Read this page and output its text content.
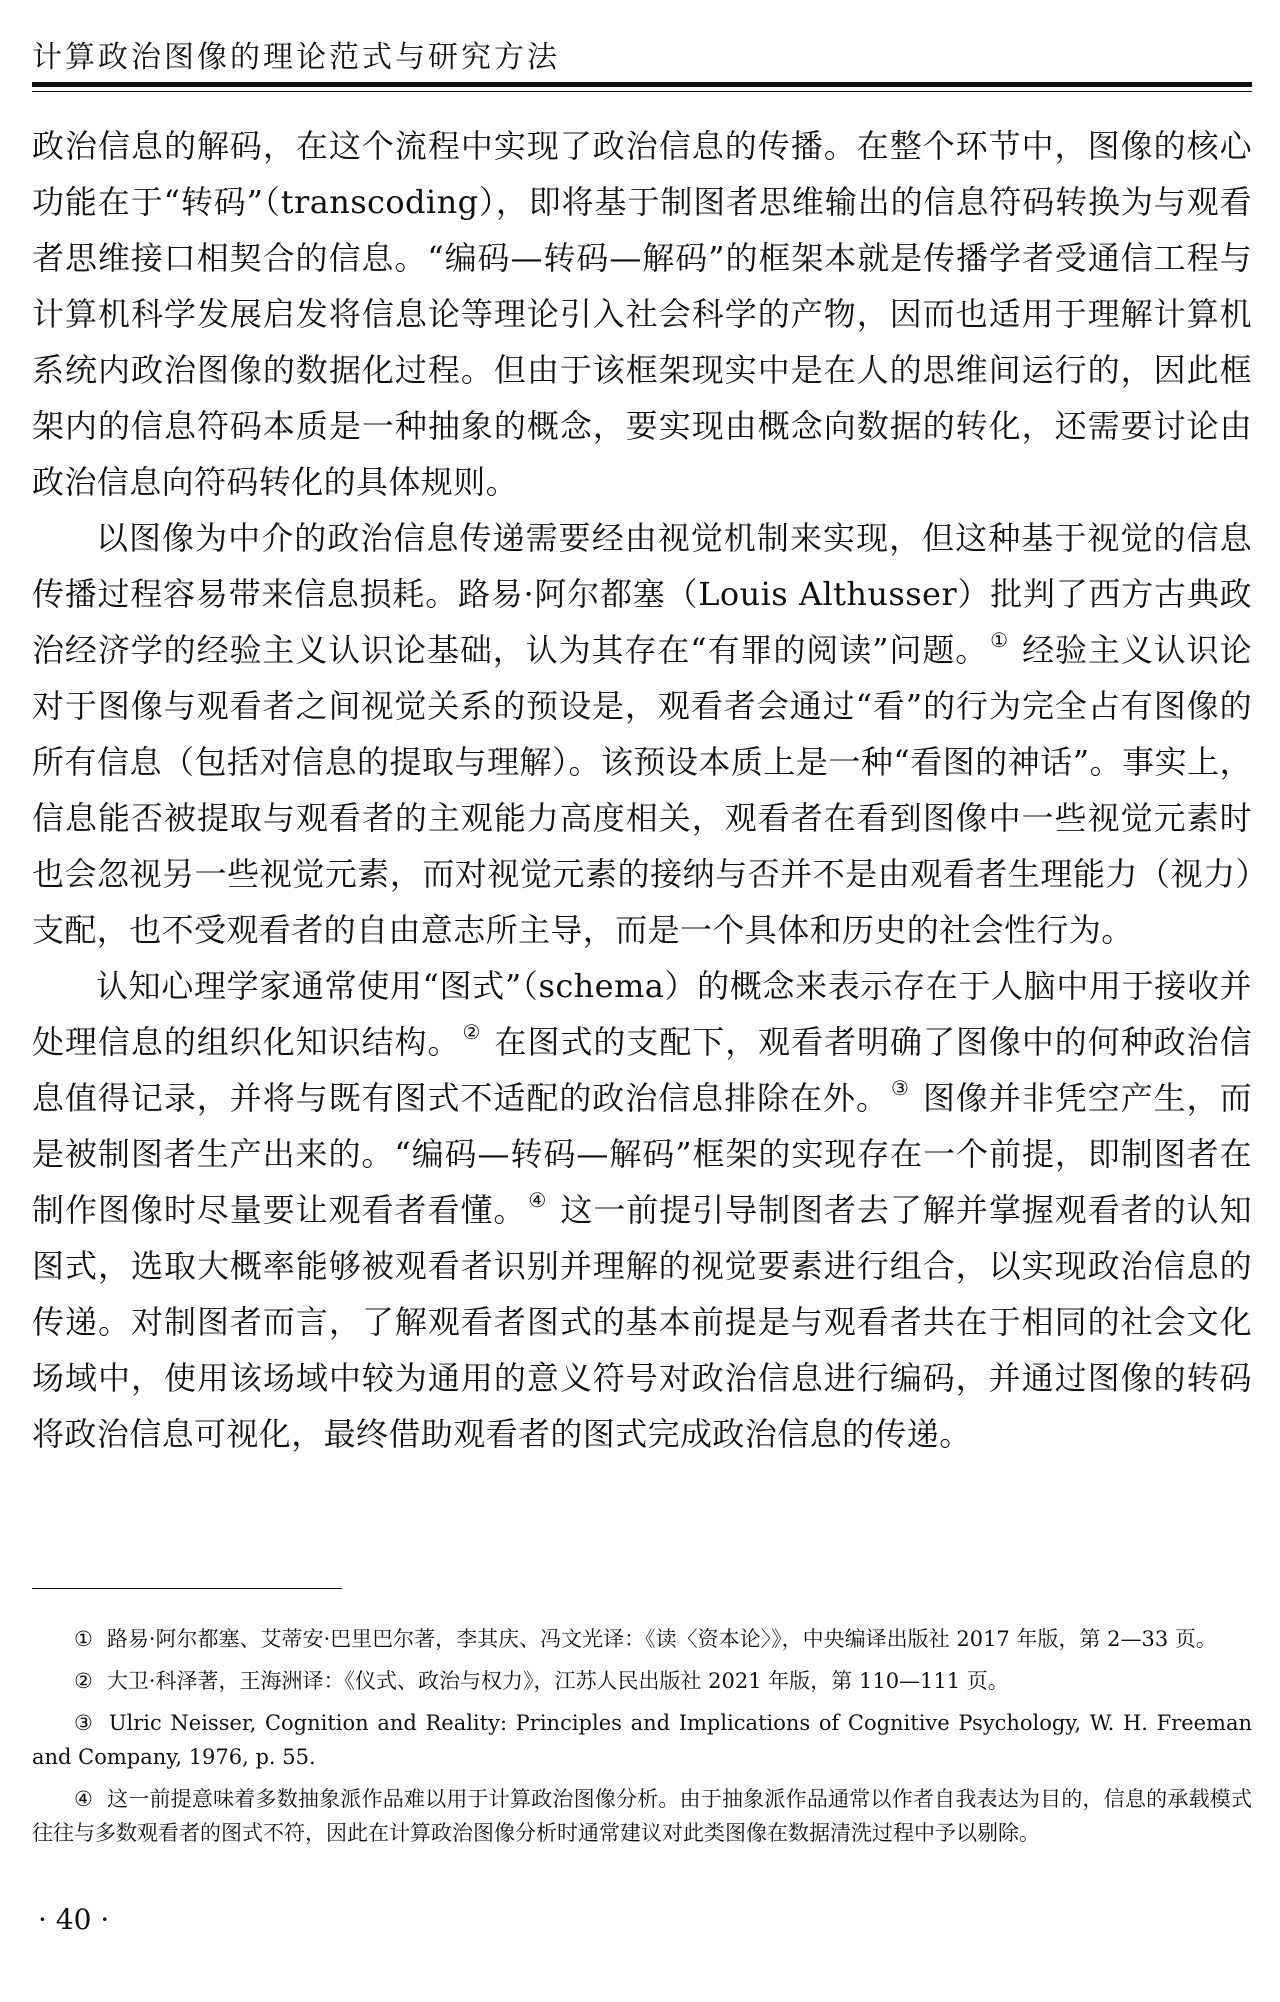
计算政治图像的理论范式与研究方法

政治信息的解码，在这个流程中实现了政治信息的传播。在整个环节中，图像的核心功能在于“转码”（transcoding），即将基于制图者思维输出的信息符码转换为与观看者思维接口相契合的信息。“编码—转码—解码”的框架本就是传播学者受通信工程与计算机科学发展启发将信息论等理论引入社会科学的产物，因而也适用于理解计算机系统内政治图像的数据化过程。但由于该框架现实中是在人的思维间运行的，因此框架内的信息符码本质是一种抽象的概念，要实现由概念向数据的转化，还需要讨论由政治信息向符码转化的具体规则。

以图像为中介的政治信息传递需要经由视觉机制来实现，但这种基于视觉的信息传播过程容易带来信息损耗。路易·阿尔都塞（Louis Althusser）批判了西方古典政治经济学的经验主义认识论基础，认为其存在“有罪的阅读”问题。 ① 经验主义认识论对于图像与观看者之间视觉关系的预设是，观看者会通过“看”的行为完全占有图像的所有信息（包括对信息的提取与理解）。该预设本质上是一种“看图的神话”。事实上，信息能否被提取与观看者的主观能力高度相关，观看者在看到图像中一些视觉元素时也会忽视另一些视觉元素，而对视觉元素的接纳与否并不是由观看者生理能力（视力）支配，也不受观看者的自由意志所主导，而是一个具体和历史的社会性行为。

认知心理学家通常使用“图式”（schema）的概念来表示存在于人脑中用于接收并处理信息的组织化知识结构。 ② 在图式的支配下，观看者明确了图像中的何种政治信息值得记录，并将与既有图式不适配的政治信息排除在外。 ③ 图像并非凭空产生，而是被制图者生产出来的。“编码—转码—解码”框架的实现存在一个前提，即制图者在制作图像时尽量要让观看者看懂。 ④ 这一前提引导制图者去了解并掌握观看者的认知图式，选取大概率能够被观看者识别并理解的视觉要素进行组合，以实现政治信息的传递。对制图者而言，了解观看者图式的基本前提是与观看者共在于相同的社会文化场域中，使用该场域中较为通用的意义符号对政治信息进行编码，并通过图像的转码将政治信息可视化，最终借助观看者的图式完成政治信息的传递。

① 路易·阿尔都塞、艾蒂安·巴里巴尔著，李其庆、冯文光译：《读〈资本论〉》，中央编译出版社 2017 年版，第 2—33 页。
② 大卫·科泽著，王海洲译：《仪式、政治与权力》，江苏人民出版社 2021 年版，第 110—111 页。
③ Ulric Neisser, Cognition and Reality: Principles and Implications of Cognitive Psychology, W. H. Freeman and Company, 1976, p. 55.
④ 这一前提意味着多数抽象派作品难以用于计算政治图像分析。由于抽象派作品通常以作者自我表达为目的，信息的承载模式往往与多数观看者的图式不符，因此在计算政治图像分析时通常建议对此类图像在数据清洗过程中予以剔除。
· 40 ·
